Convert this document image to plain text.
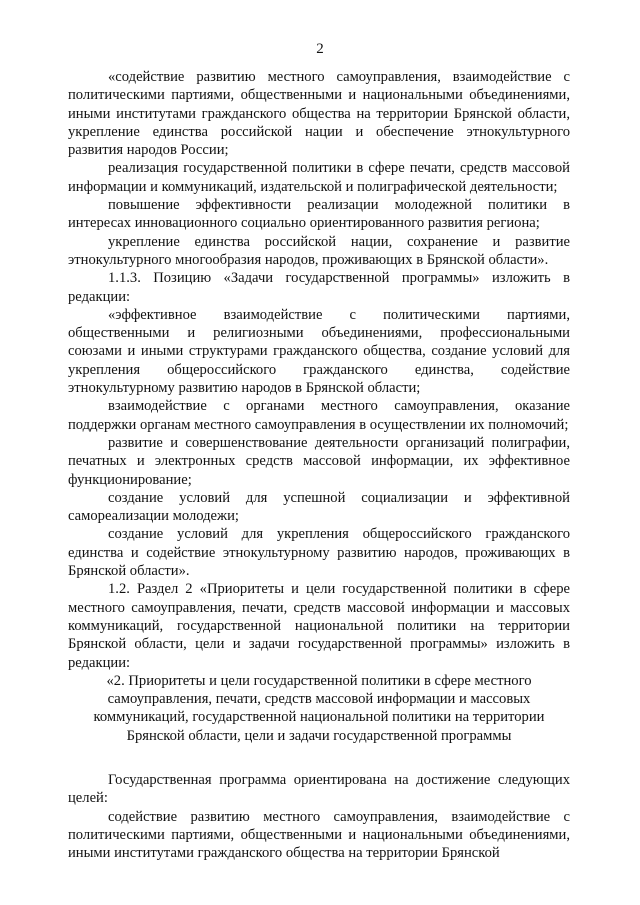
2

«содействие развитию местного самоуправления, взаимодействие с политическими партиями, общественными и национальными объединениями, иными институтами гражданского общества на территории Брянской области, укрепление единства российской нации и обеспечение этнокультурного развития народов России;

реализация государственной политики в сфере печати, средств массовой информации и коммуникаций, издательской и полиграфической деятельности;

повышение эффективности реализации молодежной политики в интересах инновационного социально ориентированного развития региона;

укрепление единства российской нации, сохранение и развитие этнокультурного многообразия народов, проживающих в Брянской области».

1.1.3. Позицию «Задачи государственной программы» изложить в редакции:

«эффективное взаимодействие с политическими партиями, общественными и религиозными объединениями, профессиональными союзами и иными структурами гражданского общества, создание условий для укрепления общероссийского гражданского единства, содействие этнокультурному развитию народов в Брянской области;

взаимодействие с органами местного самоуправления, оказание поддержки органам местного самоуправления в осуществлении их полномочий;

развитие и совершенствование деятельности организаций полиграфии, печатных и электронных средств массовой информации, их эффективное функционирование;

создание условий для успешной социализации и эффективной самореализации молодежи;

создание условий для укрепления общероссийского гражданского единства и содействие этнокультурному развитию народов, проживающих в Брянской области».

1.2. Раздел 2 «Приоритеты и цели государственной политики в сфере местного самоуправления, печати, средств массовой информации и массовых коммуникаций, государственной национальной политики на территории Брянской области, цели и задачи государственной программы» изложить в редакции:

«2. Приоритеты и цели государственной политики в сфере местного самоуправления, печати, средств массовой информации и массовых коммуникаций, государственной национальной политики на территории Брянской области, цели и задачи государственной программы

Государственная программа ориентирована на достижение следующих целей:

содействие развитию местного самоуправления, взаимодействие с политическими партиями, общественными и национальными объединениями, иными институтами гражданского общества на территории Брянской
